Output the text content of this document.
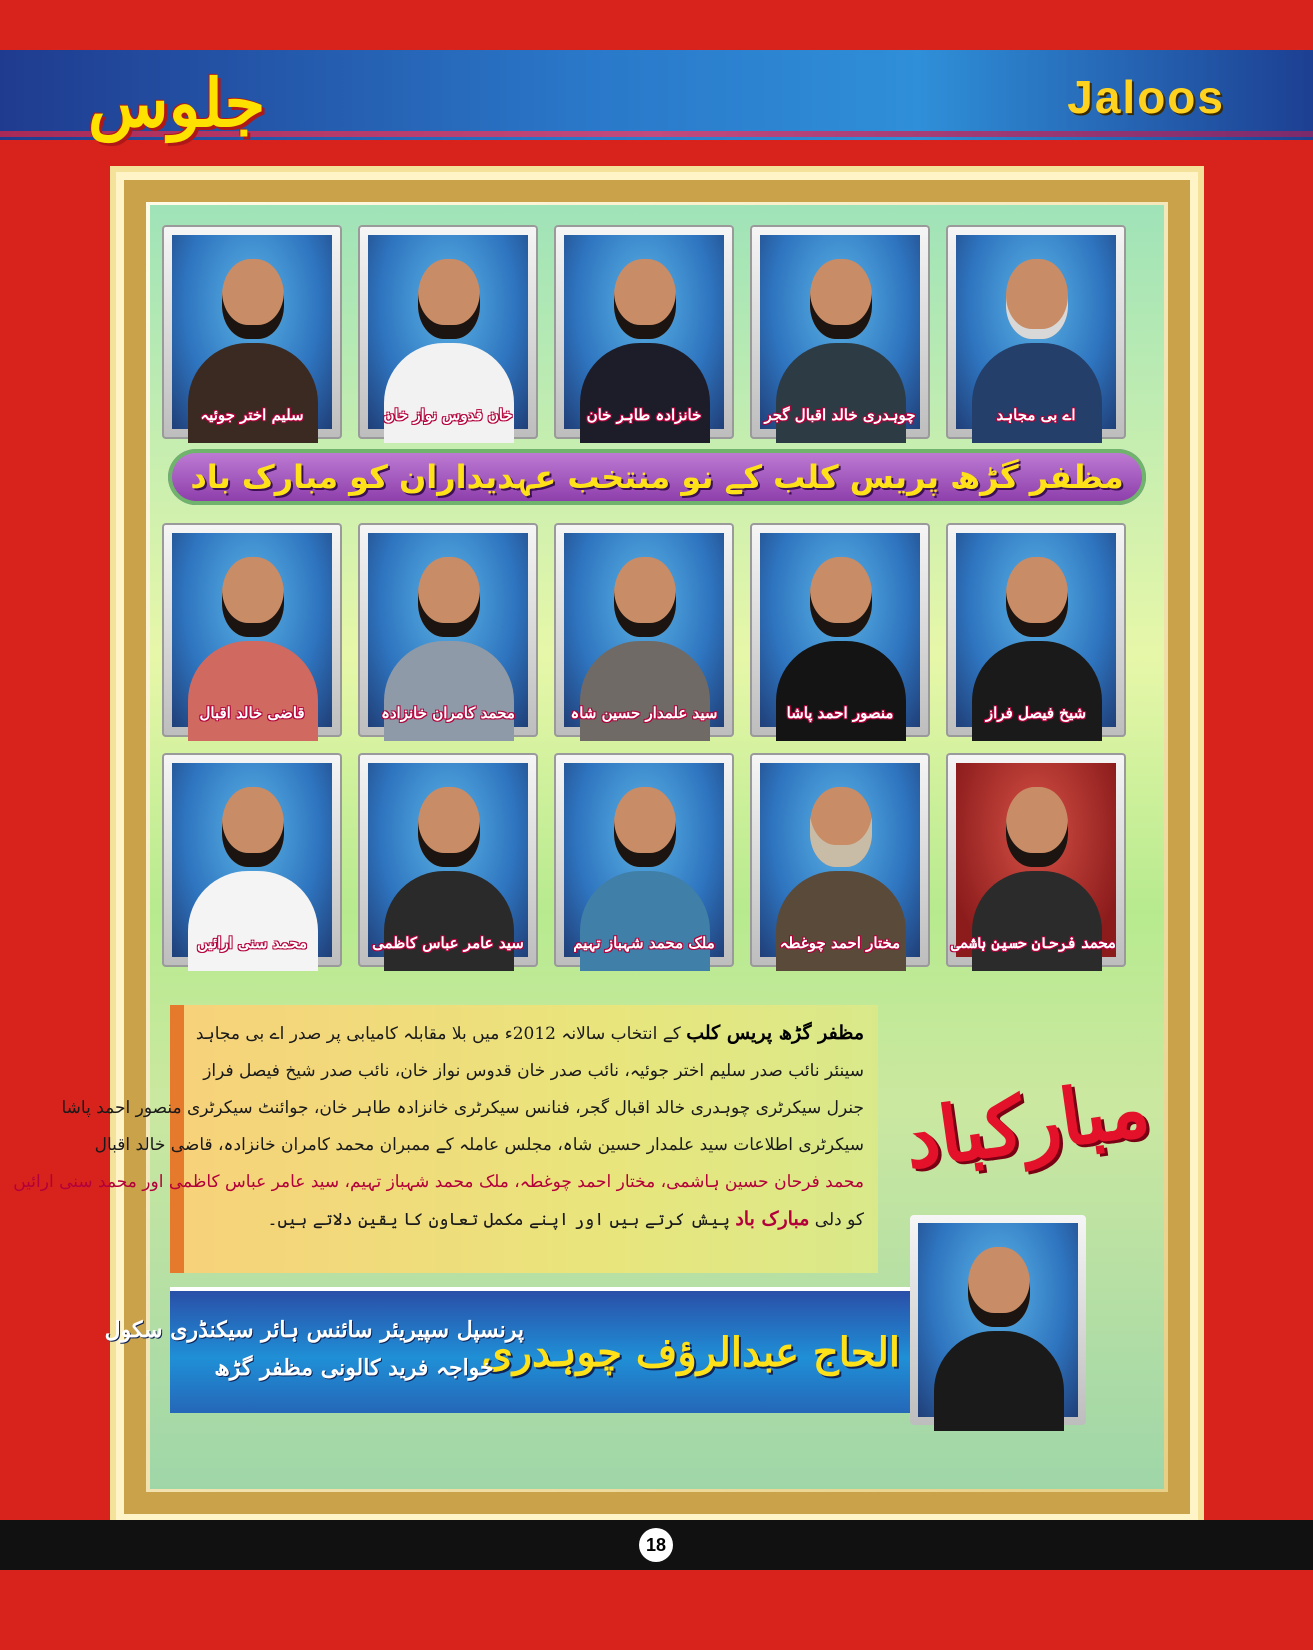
جلوس	Jaloos
سلیم اختر جوئیہ	خان قدوس نواز خان	خانزادہ طاہر خان	چوہدری خالد اقبال گجر	اے بی مجاہد
مظفر گڑھ پریس کلب کے نو منتخب عہدیداران کو مبارک باد
قاضی خالد اقبال	محمد کامران خانزادہ	سید علمدار حسین شاہ	منصور احمد پاشا	شیخ فیصل فراز
محمد سنی ارائیں	سید عامر عباس کاظمی	ملک محمد شہباز تہیم	مختار احمد چوغطہ	محمد فرحان حسین ہاشمی
مظفر گڑھ پریس کلب کے انتخاب سالانہ 2012ء میں بلا مقابلہ کامیابی پر صدر اے بی مجاہد
سینئر نائب صدر سلیم اختر جوئیہ، نائب صدر خان قدوس نواز خان، نائب صدر شیخ فیصل فراز
جنرل سیکرٹری چوہدری خالد اقبال گجر، فنانس سیکرٹری خانزادہ طاہر خان، جوائنٹ سیکرٹری منصور احمد پاشا
سیکرٹری اطلاعات سید علمدار حسین شاہ، مجلس عاملہ کے ممبران محمد کامران خانزادہ، قاضی خالد اقبال
محمد فرحان حسین ہاشمی، مختار احمد چوغطہ، ملک محمد شہباز تہیم، سید عامر عباس کاظمی اور محمد سنی ارائیں
کو دلی مبارک باد پیش کرتے ہیں اور اپنے مکمل تعاون کا یقین دلاتے ہیں۔
مبارکباد
الحاج عبدالرؤف چوہدری
پرنسپل سپیریئر سائنس ہائر سیکنڈری سکول
خواجہ فرید کالونی مظفر گڑھ
18
